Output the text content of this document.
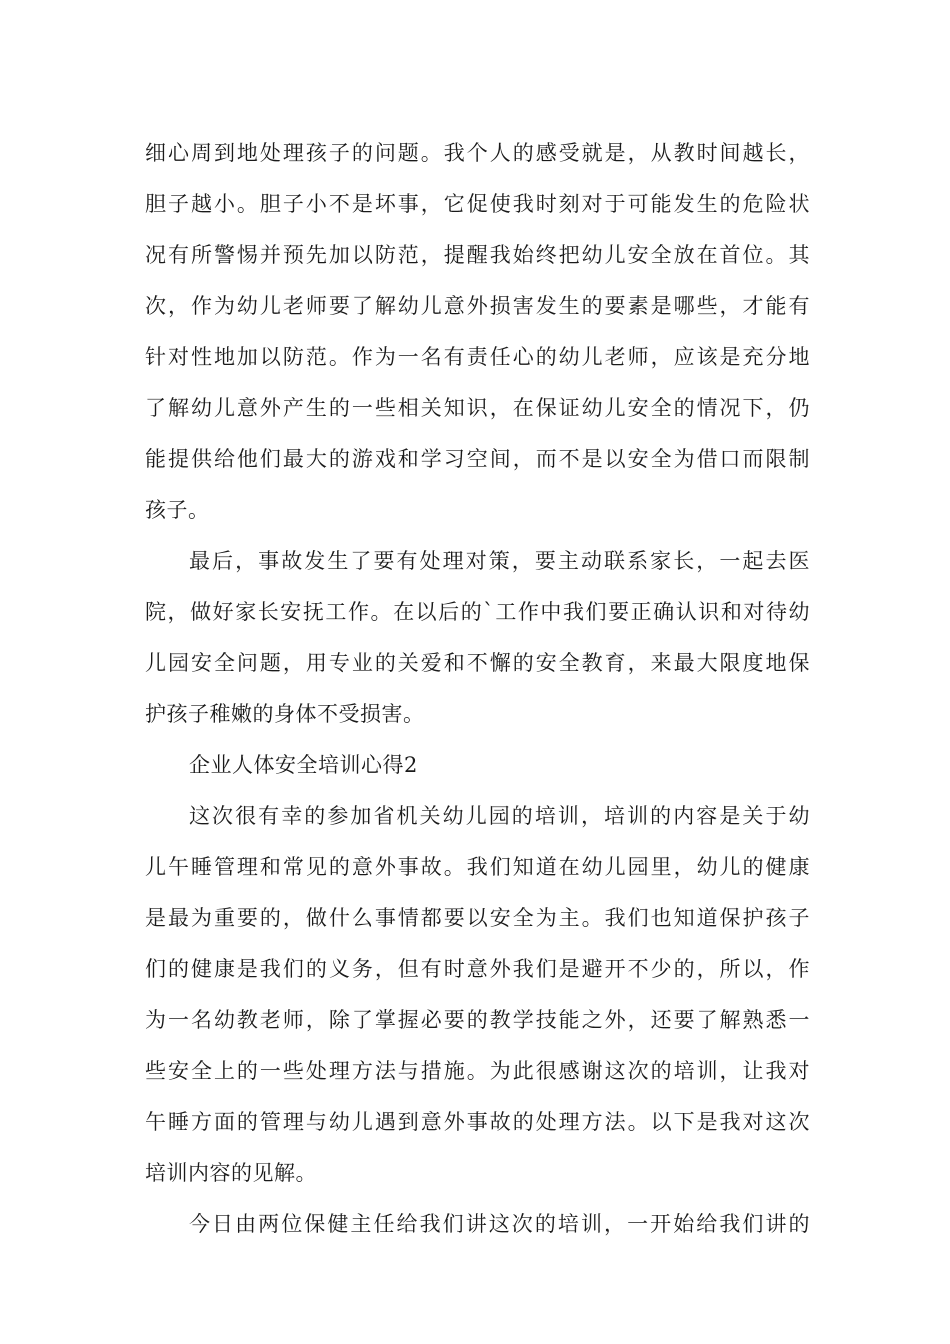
细心周到地处理孩子的问题。我个人的感受就是，从教时间越长，
胆子越小。胆子小不是坏事，它促使我时刻对于可能发生的危险状
况有所警惕并预先加以防范，提醒我始终把幼儿安全放在首位。其
次，作为幼儿老师要了解幼儿意外损害发生的要素是哪些，才能有
针对性地加以防范。作为一名有责任心的幼儿老师，应该是充分地
了解幼儿意外产生的一些相关知识，在保证幼儿安全的情况下，仍
能提供给他们最大的游戏和学习空间，而不是以安全为借口而限制
孩子。
最后，事故发生了要有处理对策，要主动联系家长，一起去医
院，做好家长安抚工作。在以后的`工作中我们要正确认识和对待幼
儿园安全问题，用专业的关爱和不懈的安全教育，来最大限度地保
护孩子稚嫩的身体不受损害。
企业人体安全培训心得2
这次很有幸的参加省机关幼儿园的培训，培训的内容是关于幼
儿午睡管理和常见的意外事故。我们知道在幼儿园里，幼儿的健康
是最为重要的，做什么事情都要以安全为主。我们也知道保护孩子
们的健康是我们的义务，但有时意外我们是避开不少的，所以，作
为一名幼教老师，除了掌握必要的教学技能之外，还要了解熟悉一
些安全上的一些处理方法与措施。为此很感谢这次的培训，让我对
午睡方面的管理与幼儿遇到意外事故的处理方法。以下是我对这次
培训内容的见解。
今日由两位保健主任给我们讲这次的培训，一开始给我们讲的
